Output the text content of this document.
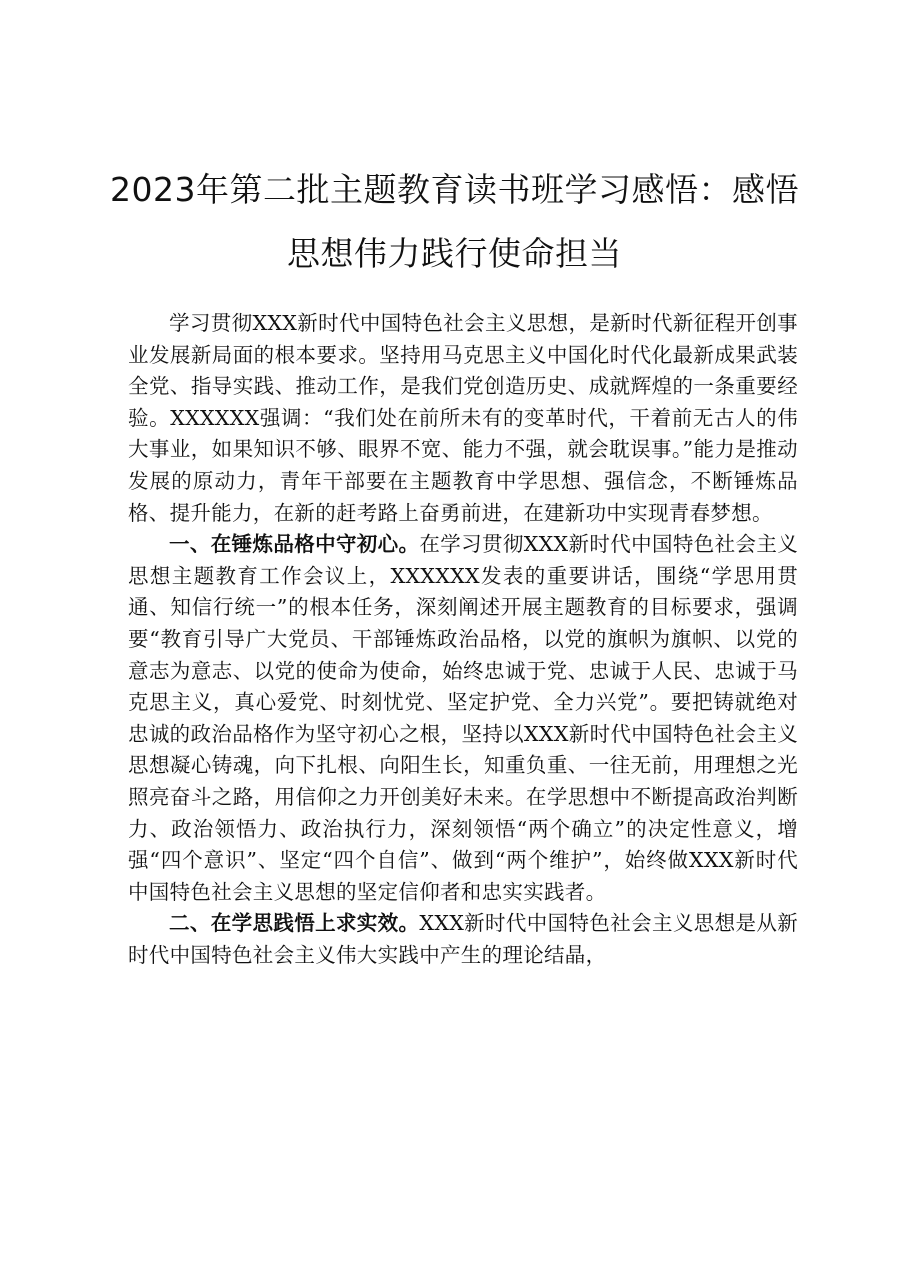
2023年第二批主题教育读书班学习感悟：感悟思想伟力践行使命担当

学习贯彻XXX新时代中国特色社会主义思想，是新时代新征程开创事业发展新局面的根本要求。坚持用马克思主义中国化时代化最新成果武装全党、指导实践、推动工作，是我们党创造历史、成就辉煌的一条重要经验。XXXXXX强调：“我们处在前所未有的变革时代，干着前无古人的伟大事业，如果知识不够、眼界不宽、能力不强，就会耽误事。”能力是推动发展的原动力，青年干部要在主题教育中学思想、强信念，不断锤炼品格、提升能力，在新的赶考路上奋勇前进，在建新功中实现青春梦想。

一、在锤炼品格中守初心。在学习贯彻XXX新时代中国特色社会主义思想主题教育工作会议上，XXXXXX发表的重要讲话，围绕“学思用贯通、知信行统一”的根本任务，深刻阐述开展主题教育的目标要求，强调要“教育引导广大党员、干部锤炼政治品格，以党的旗帜为旗帜、以党的意志为意志、以党的使命为使命，始终忠诚于党、忠诚于人民、忠诚于马克思主义，真心爱党、时刻忧党、坚定护党、全力兴党”。要把铸就绝对忠诚的政治品格作为坚守初心之根，坚持以XXX新时代中国特色社会主义思想凝心铸魂，向下扎根、向阳生长，知重负重、一往无前，用理想之光照亮奋斗之路，用信仰之力开创美好未来。在学思想中不断提高政治判断力、政治领悟力、政治执行力，深刻领悟“两个确立”的决定性意义，增强“四个意识”、坚定“四个自信”、做到“两个维护”，始终做XXX新时代中国特色社会主义思想的坚定信仰者和忠实实践者。

二、在学思践悟上求实效。XXX新时代中国特色社会主义思想是从新时代中国特色社会主义伟大实践中产生的理论结晶，
